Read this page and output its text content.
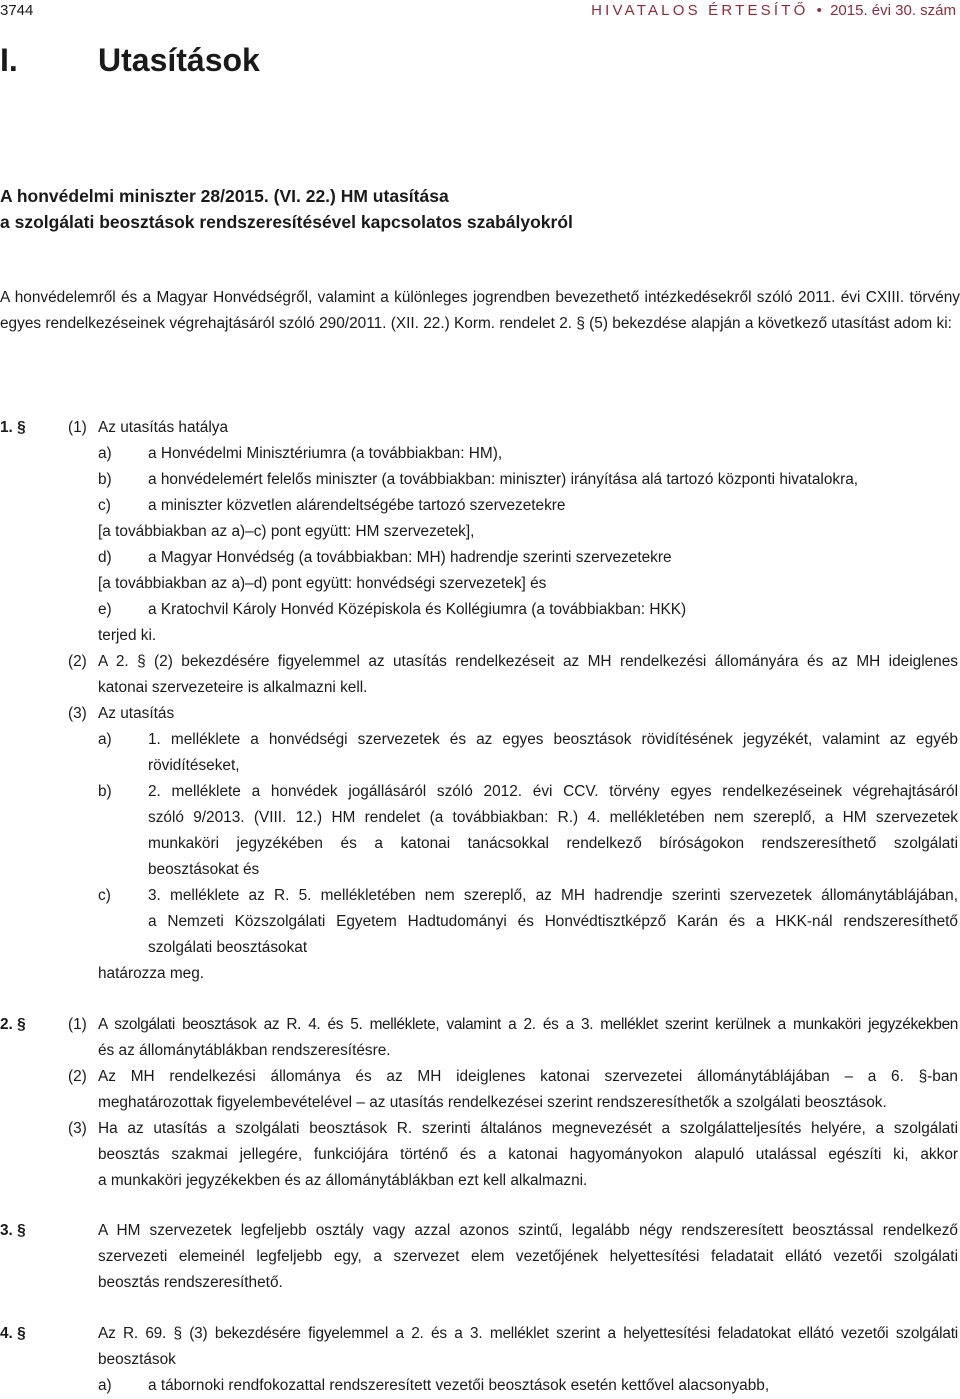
3744	HIVATALOS ÉRTESÍTŐ • 2015. évi 30. szám
I.	Utasítások
A honvédelmi miniszter 28/2015. (VI. 22.) HM utasítása
a szolgálati beosztások rendszeresítésével kapcsolatos szabályokról
A honvédelemről és a Magyar Honvédségről, valamint a különleges jogrendben bevezethető intézkedésekről szóló 2011. évi CXIII. törvény egyes rendelkezéseinek végrehajtásáról szóló 290/2011. (XII. 22.) Korm. rendelet 2. § (5) bekezdése alapján a következő utasítást adom ki:
1. §	(1) Az utasítás hatálya
a) a Honvédelmi Minisztériumra (a továbbiakban: HM),
b) a honvédelemért felelős miniszter (a továbbiakban: miniszter) irányítása alá tartozó központi hivatalokra,
c) a miniszter közvetlen alárendeltségébe tartozó szervezetekre
[a továbbiakban az a)–c) pont együtt: HM szervezetek],
d) a Magyar Honvédség (a továbbiakban: MH) hadrendje szerinti szervezetekre
[a továbbiakban az a)–d) pont együtt: honvédségi szervezetek] és
e) a Kratochvil Károly Honvéd Középiskola és Kollégiumra (a továbbiakban: HKK)
terjed ki.
(2) A 2. § (2) bekezdésére figyelemmel az utasítás rendelkezéseit az MH rendelkezési állományára és az MH ideiglenes
katonai szervezeteire is alkalmazni kell.
(3) Az utasítás
a) 1. melléklete a honvédségi szervezetek és az egyes beosztások rövidítésének jegyzékét, valamint az egyéb
rövidítéseket,
b) 2. melléklete a honvédek jogállásáról szóló 2012. évi CCV. törvény egyes rendelkezéseinek végrehajtásáról
szóló 9/2013. (VIII. 12.) HM rendelet (a továbbiakban: R.) 4. mellékletében nem szereplő, a HM szervezetek
munkaköri jegyzékében és a katonai tanácsokkal rendelkező bíróságokon rendszeresíthető szolgálati
beosztásokat és
c) 3. melléklete az R. 5. mellékletében nem szereplő, az MH hadrendje szerinti szervezetek állománytáblájában,
a Nemzeti Közszolgálati Egyetem Hadtudományi és Honvédtisztképző Karán és a HKK-nál rendszeresíthető
szolgálati beosztásokat
határozza meg.
2. §	(1) A szolgálati beosztások az R. 4. és 5. melléklete, valamint a 2. és a 3. melléklet szerint kerülnek a munkaköri jegyzékekben
és az állománytáblákban rendszeresítésre.
(2) Az MH rendelkezési állománya és az MH ideiglenes katonai szervezetei állománytáblájában – a 6. §-ban
meghatározottak figyelembevételével – az utasítás rendelkezései szerint rendszeresíthetők a szolgálati beosztások.
(3) Ha az utasítás a szolgálati beosztások R. szerinti általános megnevezését a szolgálatteljesítés helyére, a szolgálati
beosztás szakmai jellegére, funkciójára történő és a katonai hagyományokon alapuló utalással egészíti ki, akkor
a munkaköri jegyzékekben és az állománytáblákban ezt kell alkalmazni.
3. §	A HM szervezetek legfeljebb osztály vagy azzal azonos szintű, legalább négy rendszeresített beosztással rendelkező
szervezeti elemeinél legfeljebb egy, a szervezet elem vezetőjének helyettesítési feladatait ellátó vezetői szolgálati
beosztás rendszeresíthető.
4. §	Az R. 69. § (3) bekezdésére figyelemmel a 2. és a 3. melléklet szerint a helyettesítési feladatokat ellátó vezetői szolgálati
beosztások
a) a tábornoki rendfokozattal rendszeresített vezetői beosztások esetén kettővel alacsonyabb,
